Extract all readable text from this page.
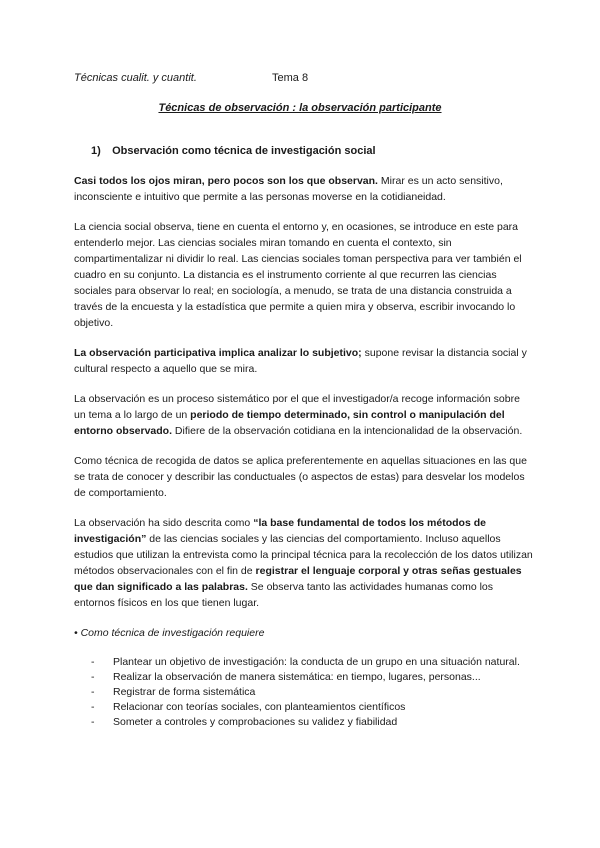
Técnicas cualit. y cuantit.	Tema 8
Técnicas de observación : la observación participante
1) Observación como técnica de investigación social

Casi todos los ojos miran, pero pocos son los que observan. Mirar es un acto sensitivo, inconsciente e intuitivo que permite a las personas moverse en la cotidianeidad.

La ciencia social observa, tiene en cuenta el entorno y, en ocasiones, se introduce en este para entenderlo mejor. Las ciencias sociales miran tomando en cuenta el contexto, sin compartimentalizar ni dividir lo real. Las ciencias sociales toman perspectiva para ver también el cuadro en su conjunto. La distancia es el instrumento corriente al que recurren las ciencias sociales para observar lo real; en sociología, a menudo, se trata de una distancia construida a través de la encuesta y la estadística que permite a quien mira y observa, escribir invocando lo objetivo.

La observación participativa implica analizar lo subjetivo; supone revisar la distancia social y cultural respecto a aquello que se mira.

La observación es un proceso sistemático por el que el investigador/a recoge información sobre un tema a lo largo de un periodo de tiempo determinado, sin control o manipulación del entorno observado. Difiere de la observación cotidiana en la intencionalidad de la observación.

Como técnica de recogida de datos se aplica preferentemente en aquellas situaciones en las que se trata de conocer y describir las conductuales (o aspectos de estas) para desvelar los modelos de comportamiento.

La observación ha sido descrita como “la base fundamental de todos los métodos de investigación” de las ciencias sociales y las ciencias del comportamiento. Incluso aquellos estudios que utilizan la entrevista como la principal técnica para la recolección de los datos utilizan métodos observacionales con el fin de registrar el lenguaje corporal y otras señas gestuales que dan significado a las palabras. Se observa tanto las actividades humanas como los entornos físicos en los que tienen lugar.

• Como técnica de investigación requiere

- Plantear un objetivo de investigación: la conducta de un grupo en una situación natural.
- Realizar la observación de manera sistemática: en tiempo, lugares, personas...
- Registrar de forma sistemática
- Relacionar con teorías sociales, con planteamientos científicos
- Someter a controles y comprobaciones su validez y fiabilidad
